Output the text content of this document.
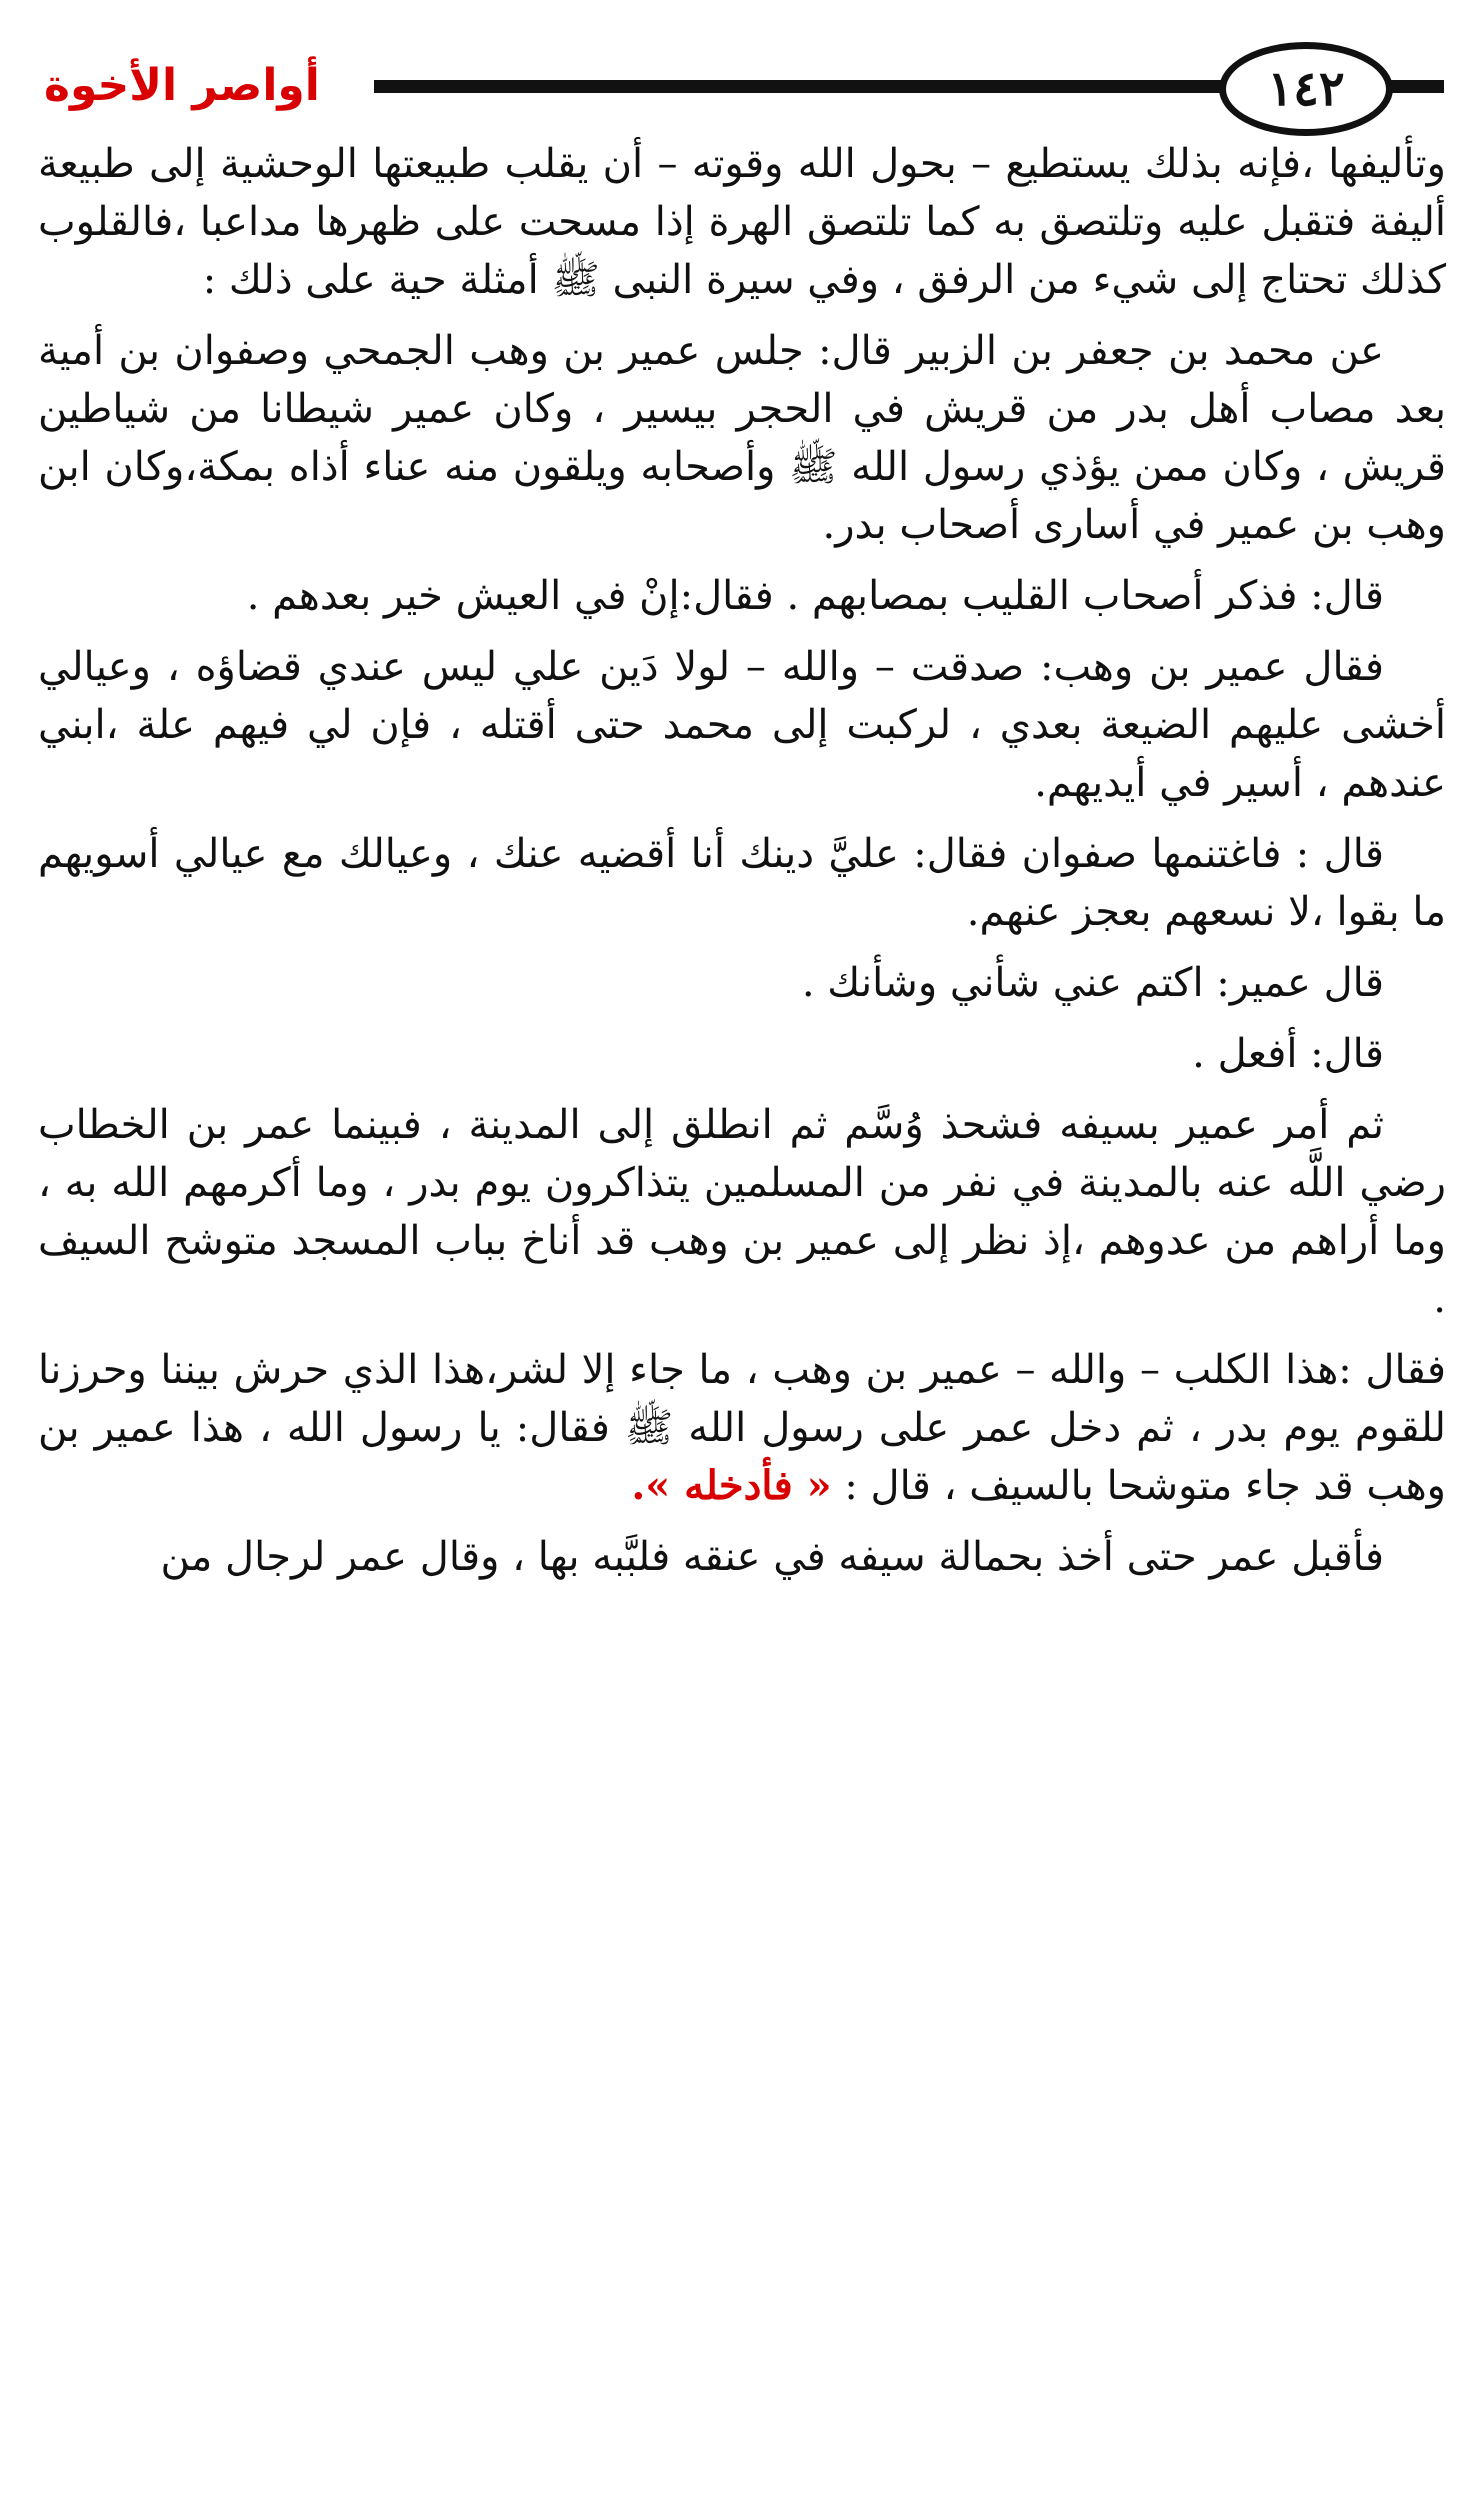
أواصر الأخوة	١٤٢

وتأليفها ،فإنه بذلك يستطيع – بحول الله وقوته – أن يقلب طبيعتها الوحشية إلى طبيعة أليفة فتقبل عليه وتلتصق به كما تلتصق الهرة إذا مسحت على ظهرها مداعبا ،فالقلوب كذلك تحتاج إلى شيء من الرفق ، وفي سيرة النبى ﷺ أمثلة حية على ذلك :

عن محمد بن جعفر بن الزبير قال: جلس عمير بن وهب الجمحي وصفوان بن أمية بعد مصاب أهل بدر من قريش في الحجر بيسير ، وكان عمير شيطانا من شياطين قريش ، وكان ممن يؤذي رسول الله ﷺ وأصحابه ويلقون منه عناء أذاه بمكة،وكان ابن وهب بن عمير في أسارى أصحاب بدر.

قال: فذكر أصحاب القليب بمصابهم . فقال:إنْ في العيش خير بعدهم .

فقال عمير بن وهب: صدقت – والله – لولا دَين علي ليس عندي قضاؤه ، وعيالي أخشى عليهم الضيعة بعدي ، لركبت إلى محمد حتى أقتله ، فإن لي فيهم علة ،ابني عندهم ، أسير في أيديهم.

قال : فاغتنمها صفوان فقال: عليَّ دينك أنا أقضيه عنك ، وعيالك مع عيالي أسويهم ما بقوا ،لا نسعهم بعجز عنهم.

قال عمير: اكتم عني شأني وشأنك .

قال: أفعل .

ثم أمر عمير بسيفه فشحذ وُسَّم ثم انطلق إلى المدينة ، فبينما عمر بن الخطاب رضي اللَّه عنه بالمدينة في نفر من المسلمين يتذاكرون يوم بدر ، وما أكرمهم الله به ، وما أراهم من عدوهم ،إذ نظر إلى عمير بن وهب قد أناخ بباب المسجد متوشح السيف .

فقال :هذا الكلب – والله – عمير بن وهب ، ما جاء إلا لشر،هذا الذي حرش بيننا وحرزنا للقوم يوم بدر ، ثم دخل عمر على رسول الله ﷺ فقال: يا رسول الله ، هذا عمير بن وهب قد جاء متوشحا بالسيف ، قال : « فأدخله ».

فأقبل عمر حتى أخذ بحمالة سيفه في عنقه فلبَّبه بها ، وقال عمر لرجال من
